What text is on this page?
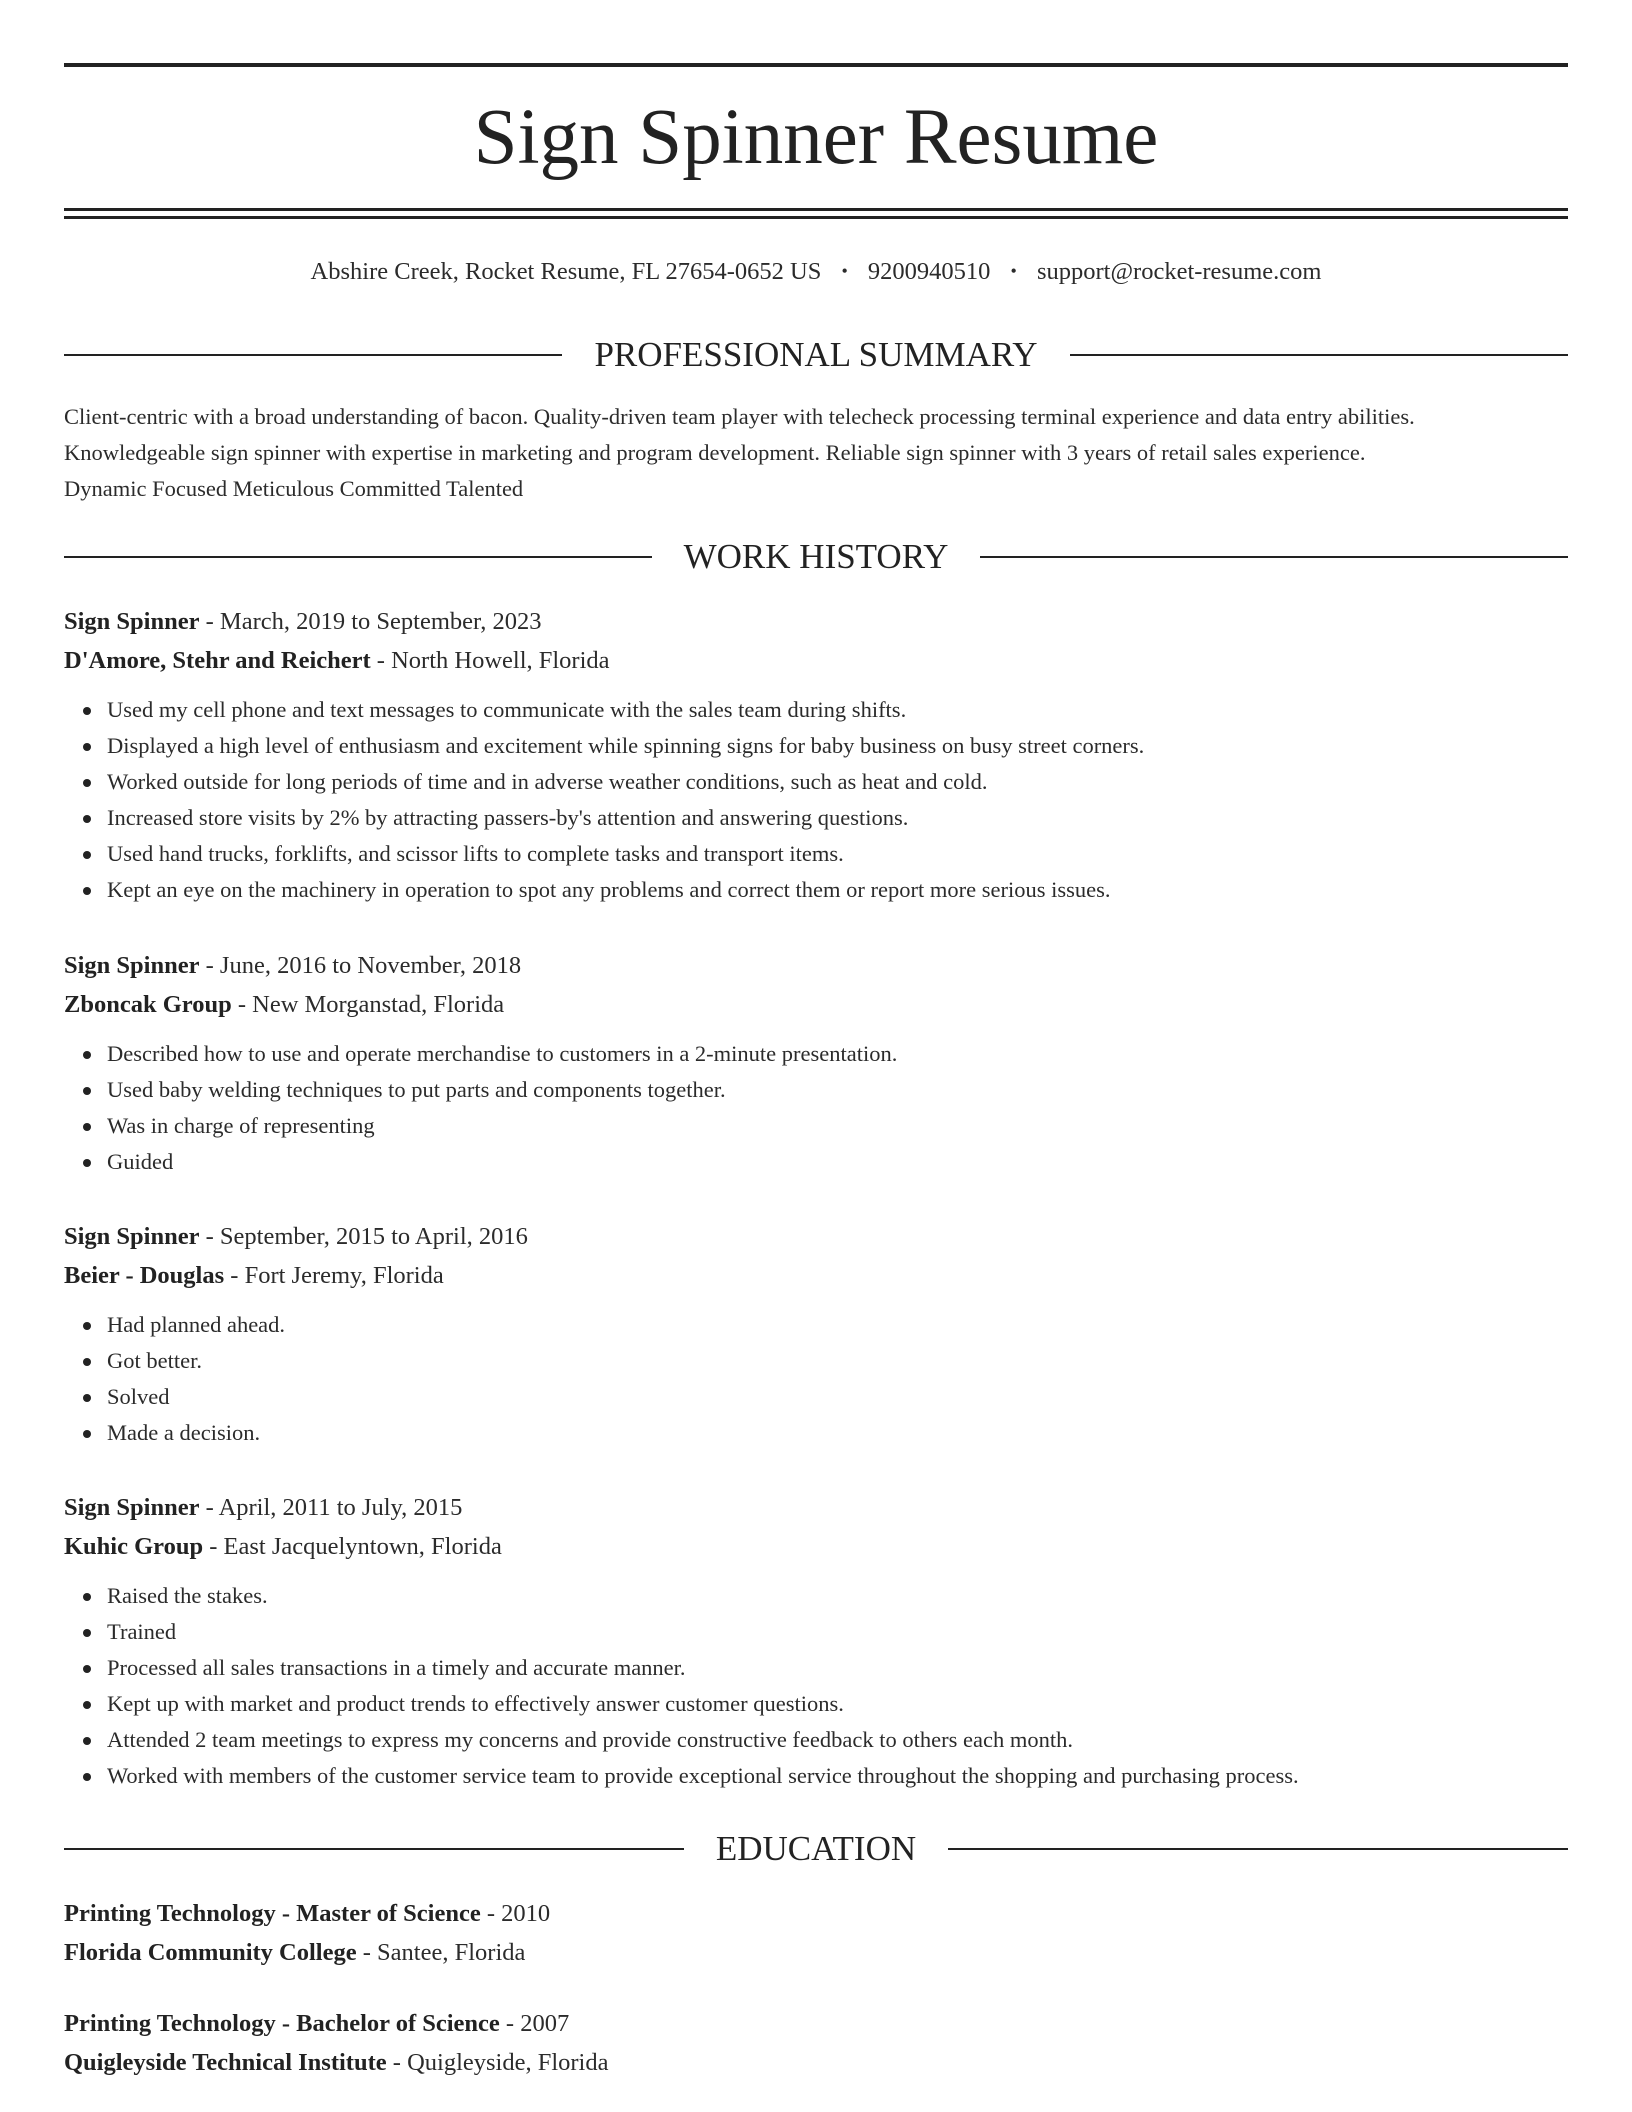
Sign Spinner Resume
Abshire Creek, Rocket Resume, FL 27654-0652 US • 9200940510 • support@rocket-resume.com
PROFESSIONAL SUMMARY

Client-centric with a broad understanding of bacon. Quality-driven team player with telecheck processing terminal experience and data entry abilities.

Knowledgeable sign spinner with expertise in marketing and program development. Reliable sign spinner with 3 years of retail sales experience.

Dynamic Focused Meticulous Committed Talented

WORK HISTORY
Sign Spinner - March, 2019 to September, 2023
D'Amore, Stehr and Reichert - North Howell, Florida
Used my cell phone and text messages to communicate with the sales team during shifts.
Displayed a high level of enthusiasm and excitement while spinning signs for baby business on busy street corners.
Worked outside for long periods of time and in adverse weather conditions, such as heat and cold.
Increased store visits by 2% by attracting passers-by's attention and answering questions.
Used hand trucks, forklifts, and scissor lifts to complete tasks and transport items.
Kept an eye on the machinery in operation to spot any problems and correct them or report more serious issues.
Sign Spinner - June, 2016 to November, 2018
Zboncak Group - New Morganstad, Florida
Described how to use and operate merchandise to customers in a 2-minute presentation.
Used baby welding techniques to put parts and components together.
Was in charge of representing
Guided
Sign Spinner - September, 2015 to April, 2016
Beier - Douglas - Fort Jeremy, Florida
Had planned ahead.
Got better.
Solved
Made a decision.
Sign Spinner - April, 2011 to July, 2015
Kuhic Group - East Jacquelyntown, Florida
Raised the stakes.
Trained
Processed all sales transactions in a timely and accurate manner.
Kept up with market and product trends to effectively answer customer questions.
Attended 2 team meetings to express my concerns and provide constructive feedback to others each month.
Worked with members of the customer service team to provide exceptional service throughout the shopping and purchasing process.
EDUCATION
Printing Technology - Master of Science - 2010
Florida Community College - Santee, Florida
Printing Technology - Bachelor of Science - 2007
Quigleyside Technical Institute - Quigleyside, Florida
